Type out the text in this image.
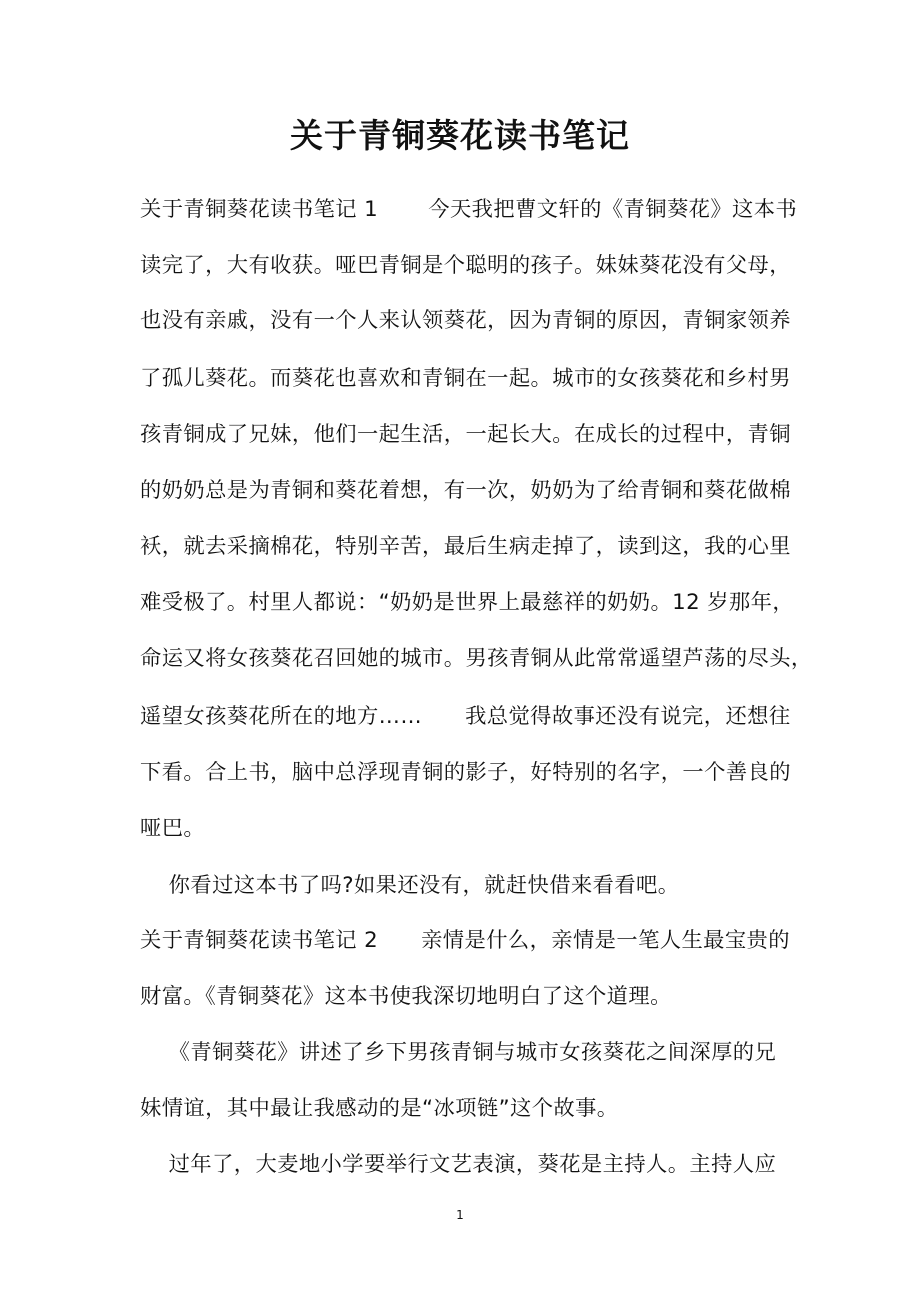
关于青铜葵花读书笔记
关于青铜葵花读书笔记 1       今天我把曹文轩的《青铜葵花》这本书
读完了，大有收获。哑巴青铜是个聪明的孩子。妹妹葵花没有父母，
也没有亲戚，没有一个人来认领葵花，因为青铜的原因，青铜家领养
了孤儿葵花。而葵花也喜欢和青铜在一起。城市的女孩葵花和乡村男
孩青铜成了兄妹，他们一起生活，一起长大。在成长的过程中，青铜
的奶奶总是为青铜和葵花着想，有一次，奶奶为了给青铜和葵花做棉
袄，就去采摘棉花，特别辛苦，最后生病走掉了，读到这，我的心里
难受极了。村里人都说：“奶奶是世界上最慈祥的奶奶。12 岁那年，
命运又将女孩葵花召回她的城市。男孩青铜从此常常遥望芦荡的尽头，
遥望女孩葵花所在的地方……      我总觉得故事还没有说完，还想往
下看。合上书，脑中总浮现青铜的影子，好特别的名字，一个善良的
哑巴。
你看过这本书了吗?如果还没有，就赶快借来看看吧。
关于青铜葵花读书笔记 2      亲情是什么，亲情是一笔人生最宝贵的
财富。《青铜葵花》这本书使我深切地明白了这个道理。
《青铜葵花》讲述了乡下男孩青铜与城市女孩葵花之间深厚的兄
妹情谊，其中最让我感动的是“冰项链”这个故事。
过年了，大麦地小学要举行文艺表演，葵花是主持人。主持人应
1
